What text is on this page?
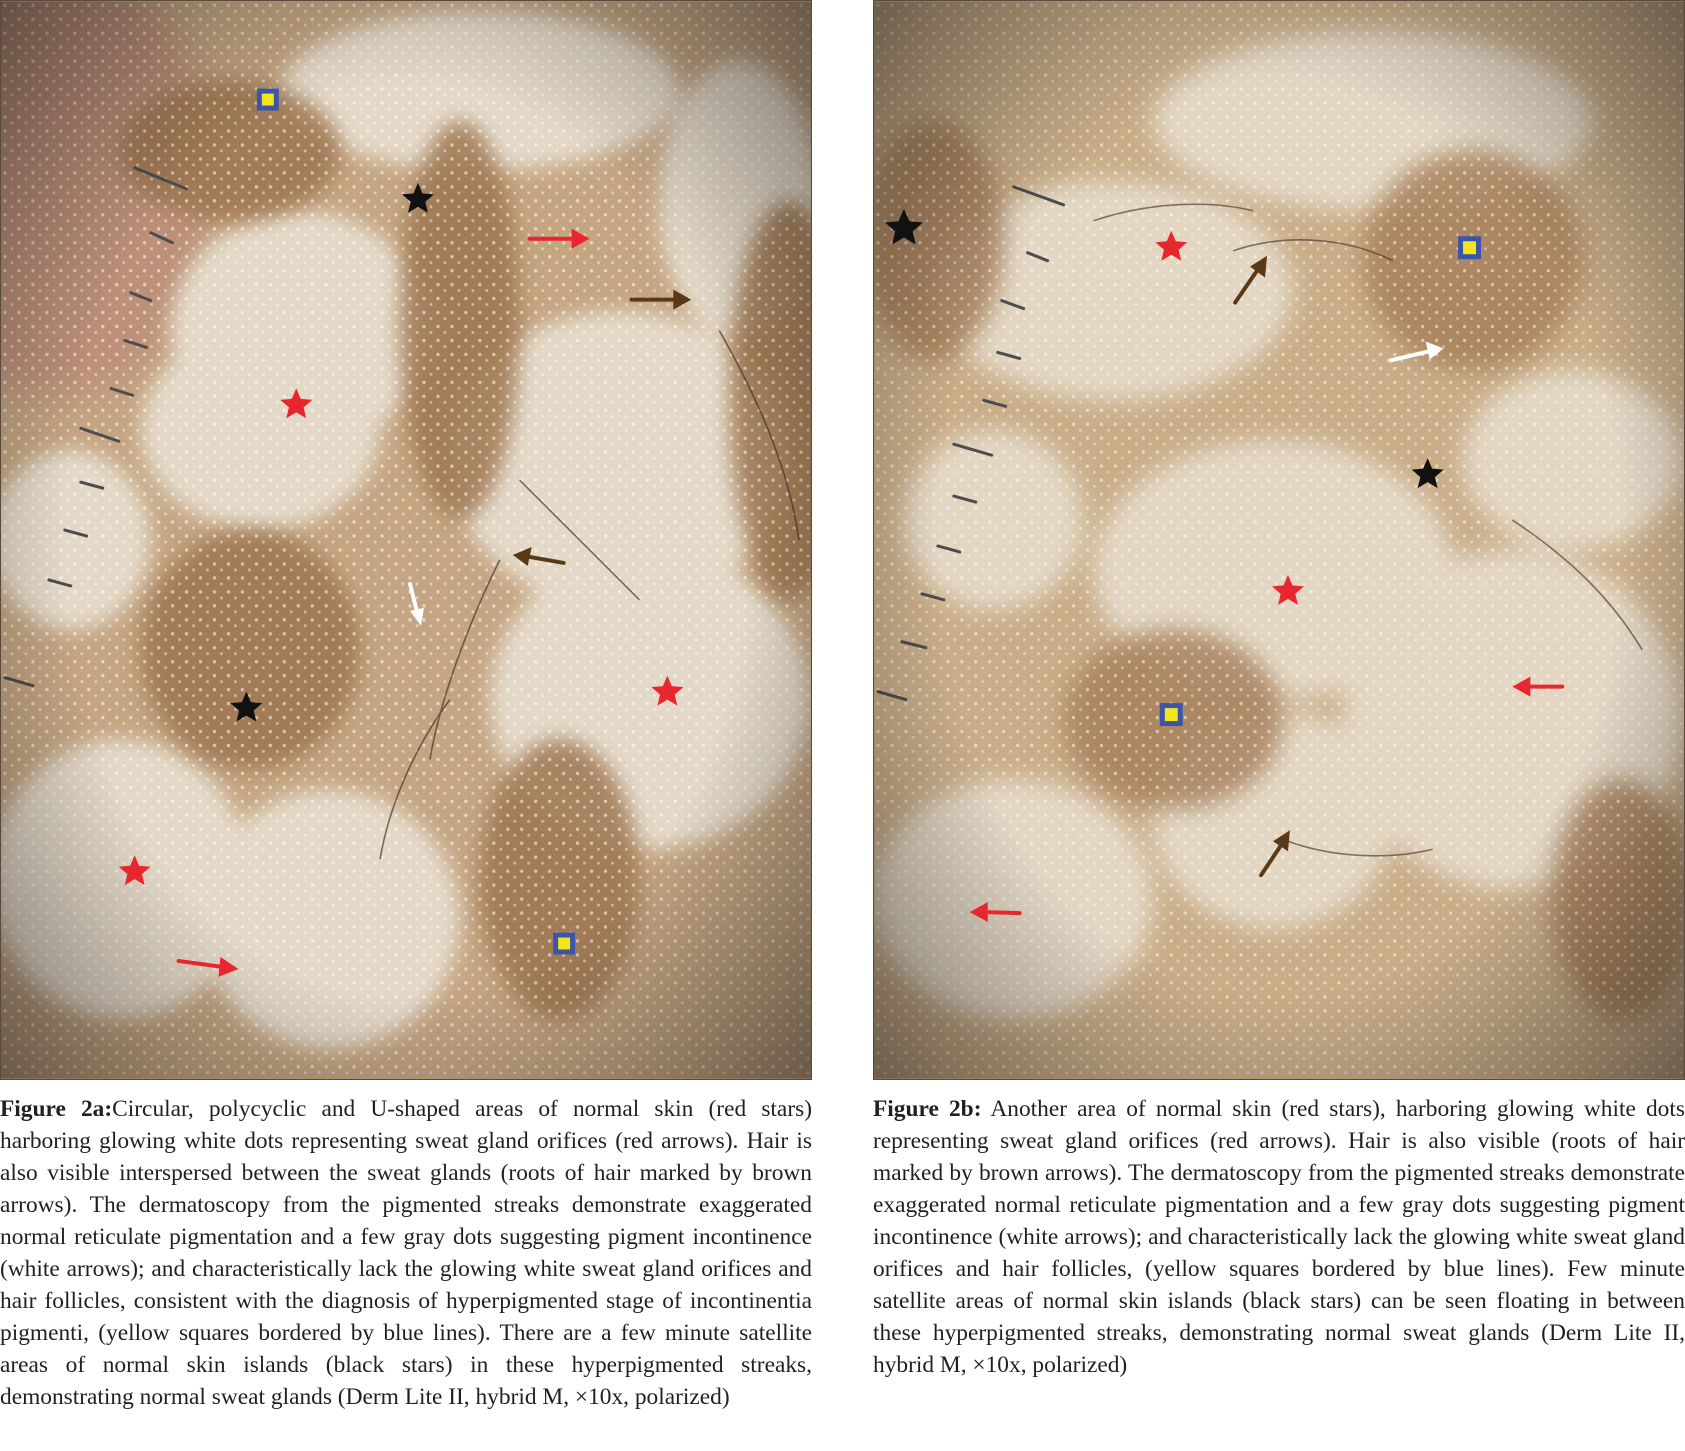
Figure 2a:Circular, polycyclic and U-shaped areas of normal skin (red stars) harboring glowing white dots representing sweat gland orifices (red arrows). Hair is also visible interspersed between the sweat glands (roots of hair marked by brown arrows). The dermatoscopy from the pigmented streaks demonstrate exaggerated normal reticulate pigmentation and a few gray dots suggesting pigment incontinence (white arrows); and characteristically lack the glowing white sweat gland orifices and hair follicles, consistent with the diagnosis of hyperpigmented stage of incontinentia pigmenti, (yellow squares bordered by blue lines). There are a few minute satellite areas of normal skin islands (black stars) in these hyperpigmented streaks, demonstrating normal sweat glands (Derm Lite II, hybrid M, ×10x, polarized)

Figure 2b: Another area of normal skin (red stars), harboring glowing white dots representing sweat gland orifices (red arrows). Hair is also visible (roots of hair marked by brown arrows). The dermatoscopy from the pigmented streaks demonstrate exaggerated normal reticulate pigmentation and a few gray dots suggesting pigment incontinence (white arrows); and characteristically lack the glowing white sweat gland orifices and hair follicles, (yellow squares bordered by blue lines). Few minute satellite areas of normal skin islands (black stars) can be seen floating in between these hyperpigmented streaks, demonstrating normal sweat glands (Derm Lite II, hybrid M, ×10x, polarized)
